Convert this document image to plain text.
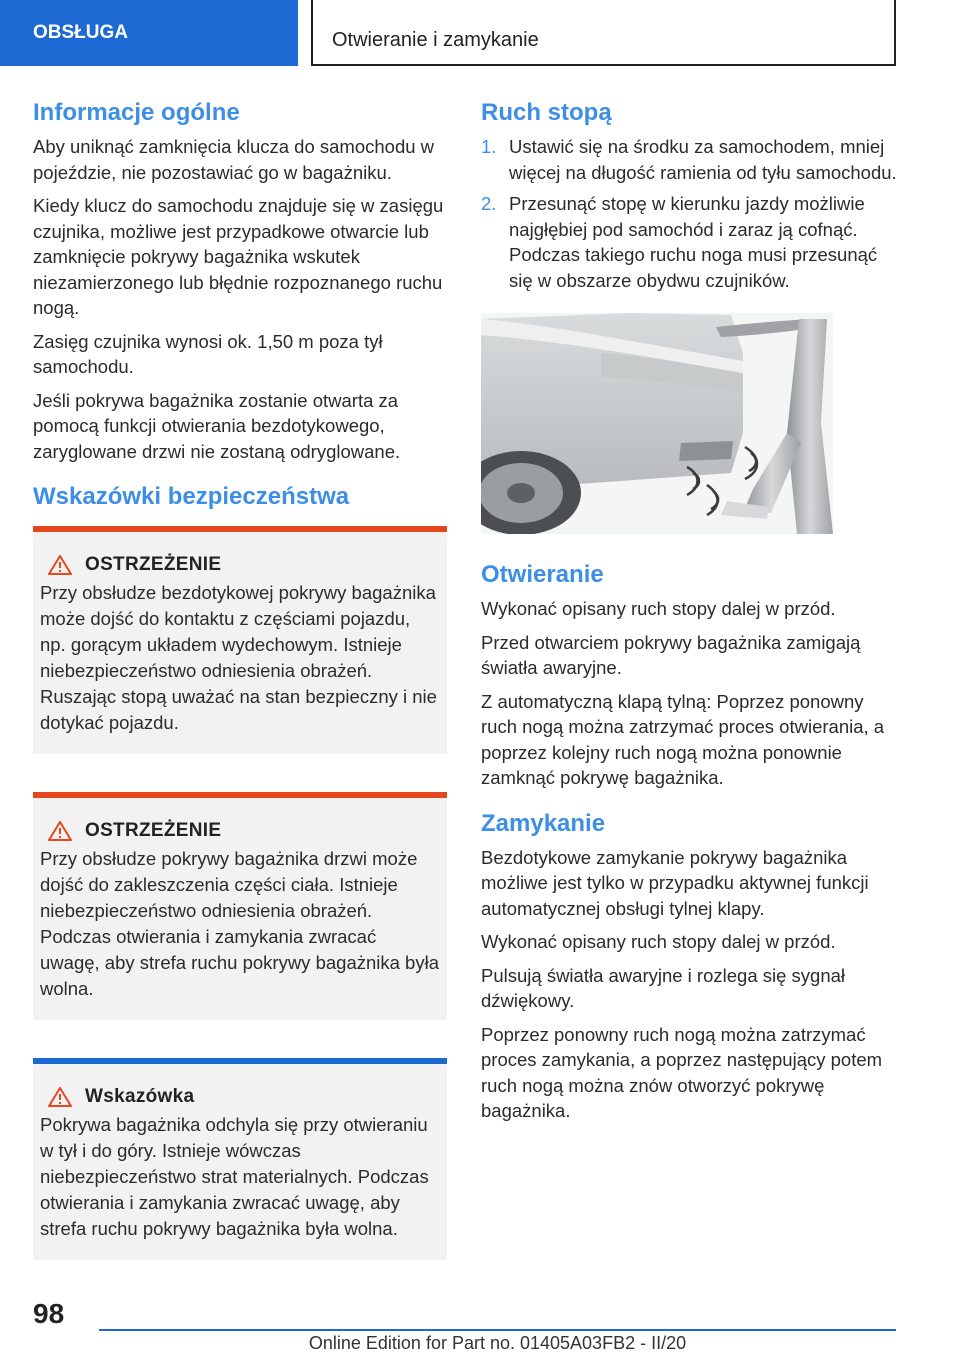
OBSŁUGA	Otwieranie i zamykanie
Informacje ogólne

Aby uniknąć zamknięcia klucza do samochodu w pojeździe, nie pozostawiać go w bagażniku.

Kiedy klucz do samochodu znajduje się w zasięgu czujnika, możliwe jest przypadkowe otwarcie lub zamknięcie pokrywy bagażnika wskutek niezamierzonego lub błędnie rozpoznanego ruchu nogą.

Zasięg czujnika wynosi ok. 1,50 m poza tył samochodu.

Jeśli pokrywa bagażnika zostanie otwarta za pomocą funkcji otwierania bezdotykowego, zaryglowane drzwi nie zostaną odryglowane.

Wskazówki bezpieczeństwa
OSTRZEŻENIE

Przy obsłudze bezdotykowej pokrywy bagażnika może dojść do kontaktu z częściami pojazdu, np. gorącym układem wydechowym. Istnieje niebezpieczeństwo odniesienia obrażeń. Ruszając stopą uważać na stan bezpieczny i nie dotykać pojazdu.

OSTRZEŻENIE

Przy obsłudze pokrywy bagażnika drzwi może dojść do zakleszczenia części ciała. Istnieje niebezpieczeństwo odniesienia obrażeń. Podczas otwierania i zamykania zwracać uwagę, aby strefa ruchu pokrywy bagażnika była wolna.

Wskazówka

Pokrywa bagażnika odchyla się przy otwieraniu w tył i do góry. Istnieje wówczas niebezpieczeństwo strat materialnych. Podczas otwierania i zamykania zwracać uwagę, aby strefa ruchu pokrywy bagażnika była wolna.

Ruch stopą
1. Ustawić się na środku za samochodem, mniej więcej na długość ramienia od tyłu samochodu.
2. Przesunąć stopę w kierunku jazdy możliwie najgłębiej pod samochód i zaraz ją cofnąć. Podczas takiego ruchu noga musi przesunąć się w obszarze obydwu czujników.
Otwieranie

Wykonać opisany ruch stopy dalej w przód.

Przed otwarciem pokrywy bagażnika zamigają światła awaryjne.

Z automatyczną klapą tylną: Poprzez ponowny ruch nogą można zatrzymać proces otwierania, a poprzez kolejny ruch nogą można ponownie zamknąć pokrywę bagażnika.

Zamykanie

Bezdotykowe zamykanie pokrywy bagażnika możliwe jest tylko w przypadku aktywnej funkcji automatycznej obsługi tylnej klapy.

Wykonać opisany ruch stopy dalej w przód.

Pulsują światła awaryjne i rozlega się sygnał dźwiękowy.

Poprzez ponowny ruch nogą można zatrzymać proces zamykania, a poprzez następujący potem ruch nogą można znów otworzyć pokrywę bagażnika.

98
Online Edition for Part no. 01405A03FB2 - II/20
